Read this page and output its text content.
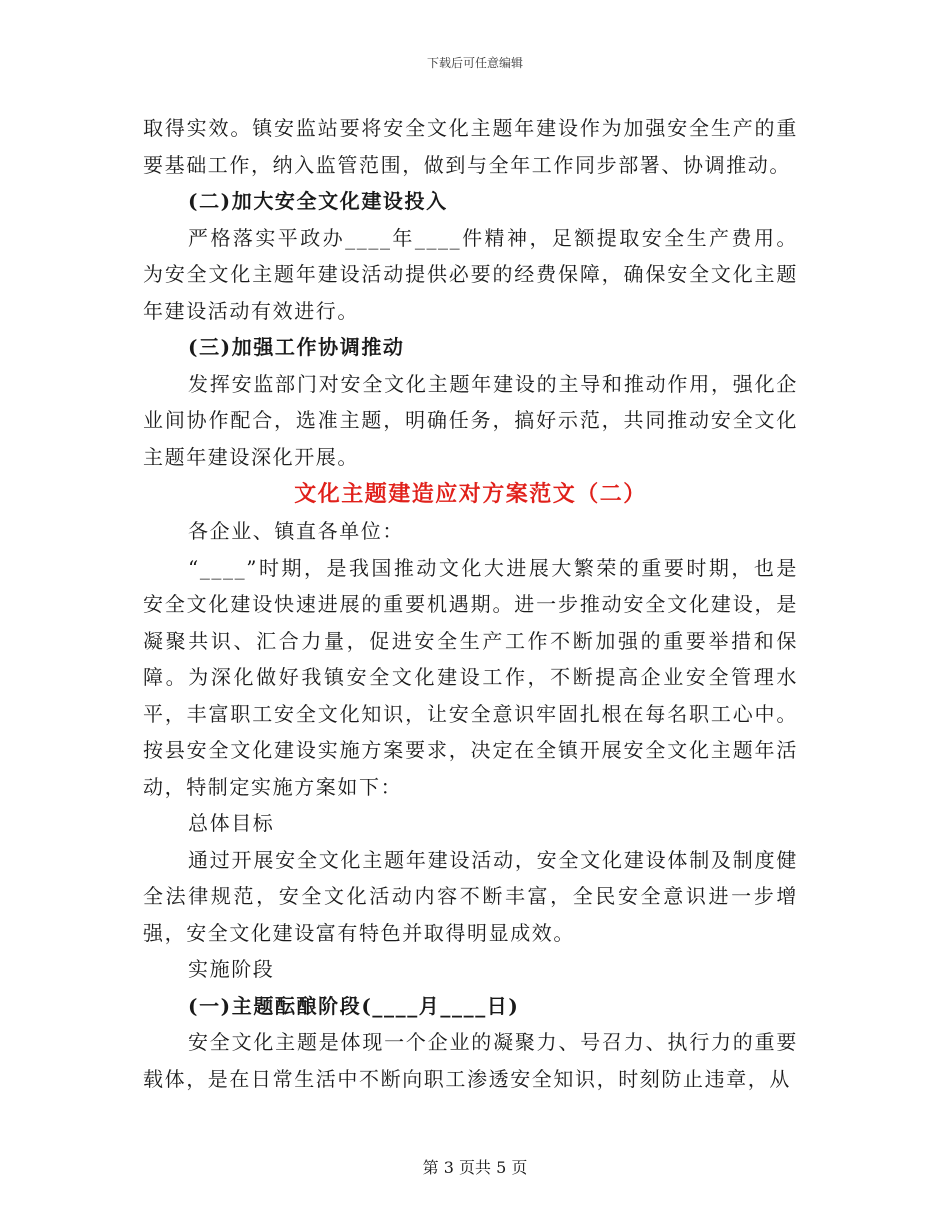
下载后可任意编辑

取得实效。镇安监站要将安全文化主题年建设作为加强安全生产的重要基础工作，纳入监管范围，做到与全年工作同步部署、协调推动。

(二)加大安全文化建设投入

严格落实平政办____年____件精神，足额提取安全生产费用。为安全文化主题年建设活动提供必要的经费保障，确保安全文化主题年建设活动有效进行。

(三)加强工作协调推动

发挥安监部门对安全文化主题年建设的主导和推动作用，强化企业间协作配合，选准主题，明确任务，搞好示范，共同推动安全文化主题年建设深化开展。

文化主题建造应对方案范文（二）

各企业、镇直各单位：

“____”时期，是我国推动文化大进展大繁荣的重要时期，也是安全文化建设快速进展的重要机遇期。进一步推动安全文化建设，是凝聚共识、汇合力量，促进安全生产工作不断加强的重要举措和保障。为深化做好我镇安全文化建设工作，不断提高企业安全管理水平，丰富职工安全文化知识，让安全意识牢固扎根在每名职工心中。按县安全文化建设实施方案要求，决定在全镇开展安全文化主题年活动，特制定实施方案如下：

总体目标

通过开展安全文化主题年建设活动，安全文化建设体制及制度健全法律规范，安全文化活动内容不断丰富，全民安全意识进一步增强，安全文化建设富有特色并取得明显成效。

实施阶段

(一)主题酝酿阶段(____月____日)

安全文化主题是体现一个企业的凝聚力、号召力、执行力的重要载体，是在日常生活中不断向职工渗透安全知识，时刻防止违章，从

第 3 页共 5 页
